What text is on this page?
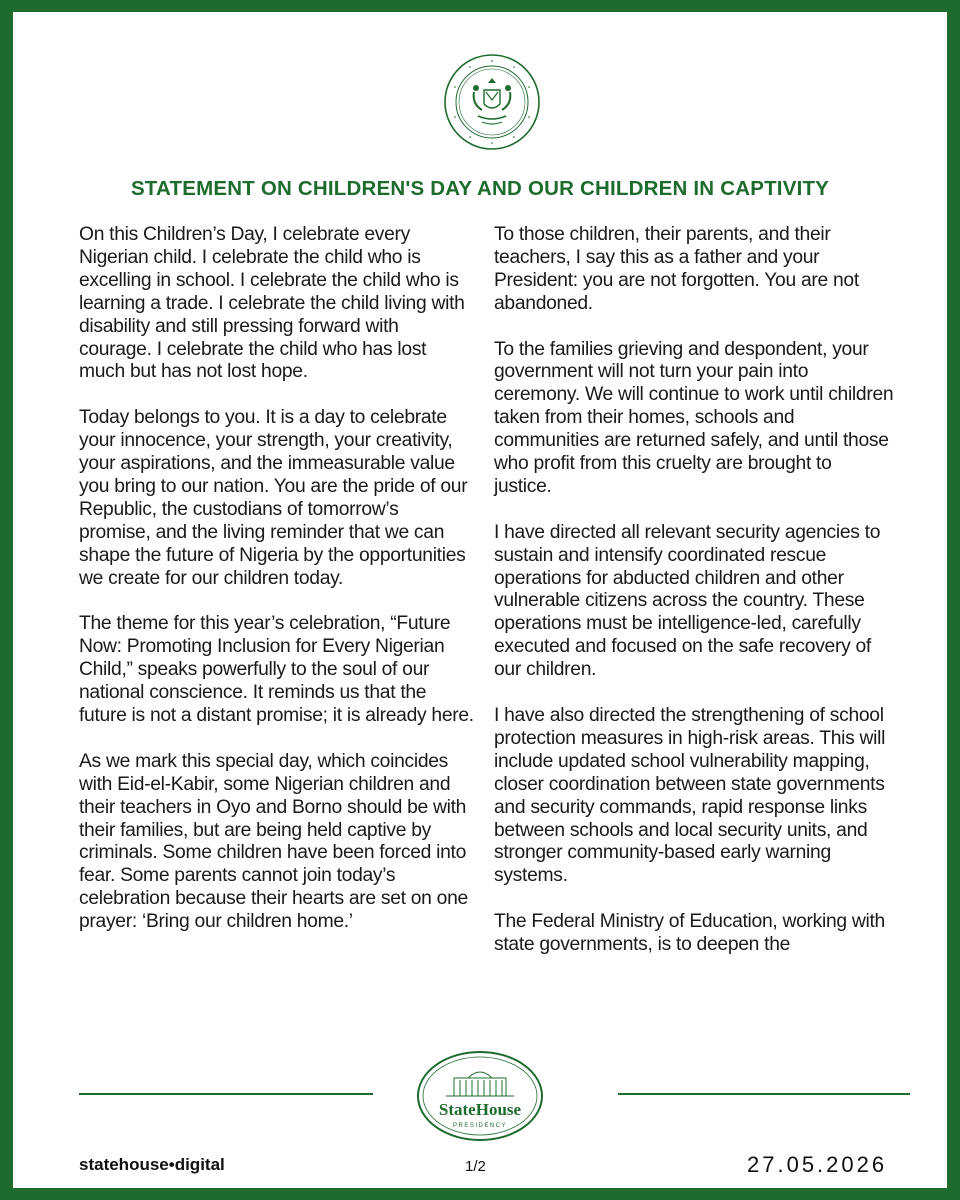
STATEMENT ON CHILDREN'S DAY AND OUR CHILDREN IN CAPTIVITY

On this Children’s Day, I celebrate every Nigerian child. I celebrate the child who is excelling in school. I celebrate the child who is learning a trade. I celebrate the child living with disability and still pressing forward with courage. I celebrate the child who has lost much but has not lost hope.

Today belongs to you. It is a day to celebrate your innocence, your strength, your creativity, your aspirations, and the immeasurable value you bring to our nation. You are the pride of our Republic, the custodians of tomorrow’s promise, and the living reminder that we can shape the future of Nigeria by the opportunities we create for our children today.

The theme for this year’s celebration, “Future Now: Promoting Inclusion for Every Nigerian Child,” speaks powerfully to the soul of our national conscience. It reminds us that the future is not a distant promise; it is already here.

As we mark this special day, which coincides with Eid-el-Kabir, some Nigerian children and their teachers in Oyo and Borno should be with their families, but are being held captive by criminals. Some children have been forced into fear. Some parents cannot join today’s celebration because their hearts are set on one prayer: ‘Bring our children home.’

To those children, their parents, and their teachers, I say this as a father and your President: you are not forgotten. You are not abandoned.

To the families grieving and despondent, your government will not turn your pain into ceremony. We will continue to work until children taken from their homes, schools and communities are returned safely, and until those who profit from this cruelty are brought to justice.

I have directed all relevant security agencies to sustain and intensify coordinated rescue operations for abducted children and other vulnerable citizens across the country. These operations must be intelligence-led, carefully executed and focused on the safe recovery of our children.

I have also directed the strengthening of school protection measures in high-risk areas. This will include updated school vulnerability mapping, closer coordination between state governments and security commands, rapid response links between schools and local security units, and stronger community-based early warning systems.

The Federal Ministry of Education, working with state governments, is to deepen the

StateHouse
PRESIDENCY
statehouse•digital	1/2	27.05.2026
